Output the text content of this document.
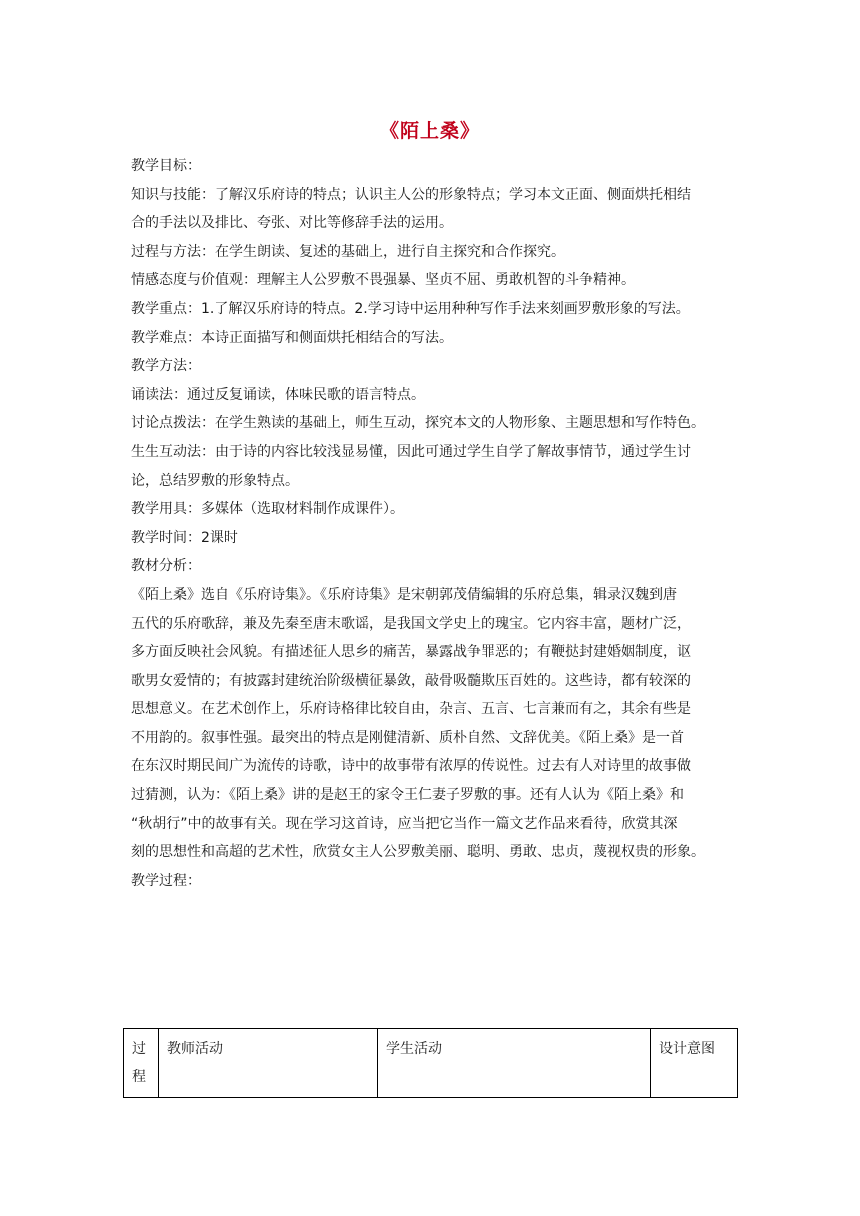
《陌上桑》

教学目标：

知识与技能：了解汉乐府诗的特点；认识主人公的形象特点；学习本文正面、侧面烘托相结

合的手法以及排比、夸张、对比等修辞手法的运用。

过程与方法：在学生朗读、复述的基础上，进行自主探究和合作探究。

情感态度与价值观：理解主人公罗敷不畏强暴、坚贞不屈、勇敢机智的斗争精神。

教学重点：1.了解汉乐府诗的特点。2.学习诗中运用种种写作手法来刻画罗敷形象的写法。

教学难点：本诗正面描写和侧面烘托相结合的写法。

教学方法：

诵读法：通过反复诵读，体味民歌的语言特点。

讨论点拨法：在学生熟读的基础上，师生互动，探究本文的人物形象、主题思想和写作特色。

生生互动法：由于诗的内容比较浅显易懂，因此可通过学生自学了解故事情节，通过学生讨

论，总结罗敷的形象特点。

教学用具：多媒体（选取材料制作成课件）。

教学时间：2课时

教材分析：

《陌上桑》选自《乐府诗集》。《乐府诗集》是宋朝郭茂倩编辑的乐府总集，辑录汉魏到唐

五代的乐府歌辞，兼及先秦至唐末歌谣，是我国文学史上的瑰宝。它内容丰富，题材广泛，

多方面反映社会风貌。有描述征人思乡的痛苦，暴露战争罪恶的；有鞭挞封建婚姻制度，讴

歌男女爱情的；有披露封建统治阶级横征暴敛，敲骨吸髓欺压百姓的。这些诗，都有较深的

思想意义。在艺术创作上，乐府诗格律比较自由，杂言、五言、七言兼而有之，其余有些是

不用韵的。叙事性强。最突出的特点是刚健清新、质朴自然、文辞优美。《陌上桑》是一首

在东汉时期民间广为流传的诗歌，诗中的故事带有浓厚的传说性。过去有人对诗里的故事做

过猜测，认为：《陌上桑》讲的是赵王的家令王仁妻子罗敷的事。还有人认为《陌上桑》和

“秋胡行”中的故事有关。现在学习这首诗，应当把它当作一篇文艺作品来看待，欣赏其深

刻的思想性和高超的艺术性，欣赏女主人公罗敷美丽、聪明、勇敢、忠贞，蔑视权贵的形象。

教学过程：

过程	教师活动	学生活动	设计意图
